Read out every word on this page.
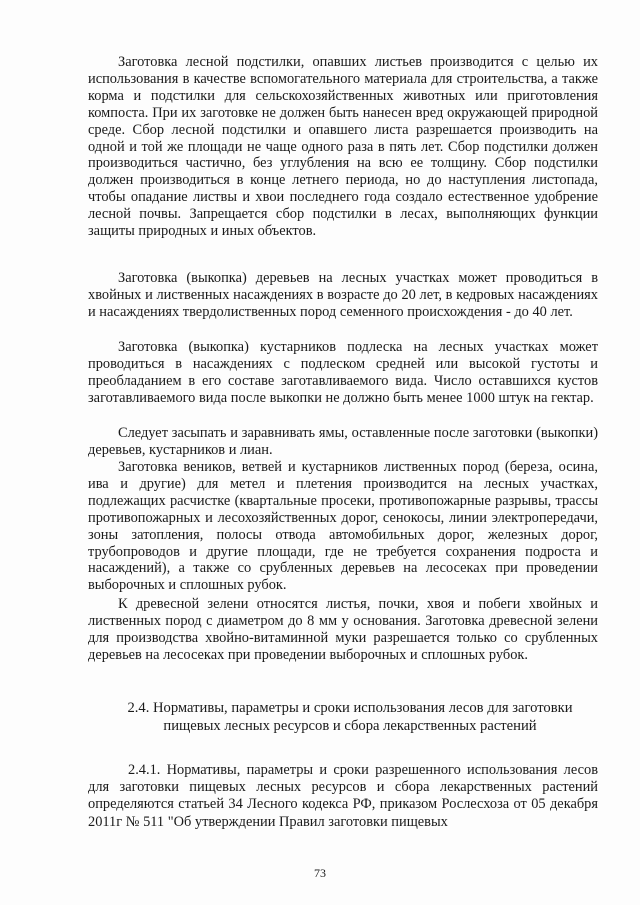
Заготовка лесной подстилки, опавших листьев производится с целью их использования в качестве вспомогательного материала для строительства, а также корма и подстилки для сельскохозяйственных животных или приготовления компоста. При их заготовке не должен быть нанесен вред окружающей природной среде. Сбор лесной подстилки и опавшего листа разрешается производить на одной и той же площади не чаще одного раза в пять лет. Сбор подстилки должен производиться частично, без углубления на всю ее толщину. Сбор подстилки должен производиться в конце летнего периода, но до наступления листопада, чтобы опадание листвы и хвои последнего года создало естественное удобрение лесной почвы. Запрещается сбор подстилки в лесах, выполняющих функции защиты природных и иных объектов.

Заготовка (выкопка) деревьев на лесных участках может проводиться в хвойных и лиственных насаждениях в возрасте до 20 лет, в кедровых насаждениях и насаждениях твердолиственных пород семенного происхождения - до 40 лет.

Заготовка (выкопка) кустарников подлеска на лесных участках может проводиться в насаждениях с подлеском средней или высокой густоты и преобладанием в его составе заготавливаемого вида. Число оставшихся кустов заготавливаемого вида после выкопки не должно быть менее 1000 штук на гектар.

Следует засыпать и заравнивать ямы, оставленные после заготовки (выкопки) деревьев, кустарников и лиан.

Заготовка веников, ветвей и кустарников лиственных пород (береза, осина, ива и другие) для метел и плетения производится на лесных участках, подлежащих расчистке (квартальные просеки, противопожарные разрывы, трассы противопожарных и лесохозяйственных дорог, сенокосы, линии электропередачи, зоны затопления, полосы отвода автомобильных дорог, железных дорог, трубопроводов и другие площади, где не требуется сохранения подроста и насаждений), а также со срубленных деревьев на лесосеках при проведении выборочных и сплошных рубок.

К древесной зелени относятся листья, почки, хвоя и побеги хвойных и лиственных пород с диаметром до 8 мм у основания. Заготовка древесной зелени для производства хвойно-витаминной муки разрешается только со срубленных деревьев на лесосеках при проведении выборочных и сплошных рубок.

2.4. Нормативы, параметры и сроки использования лесов для заготовки пищевых лесных ресурсов и сбора лекарственных растений

2.4.1. Нормативы, параметры и сроки разрешенного использования лесов для заготовки пищевых лесных ресурсов и сбора лекарственных растений определяются статьей 34 Лесного кодекса РФ, приказом Рослесхоза от 05 декабря 2011г № 511 "Об утверждении Правил заготовки пищевых

73
